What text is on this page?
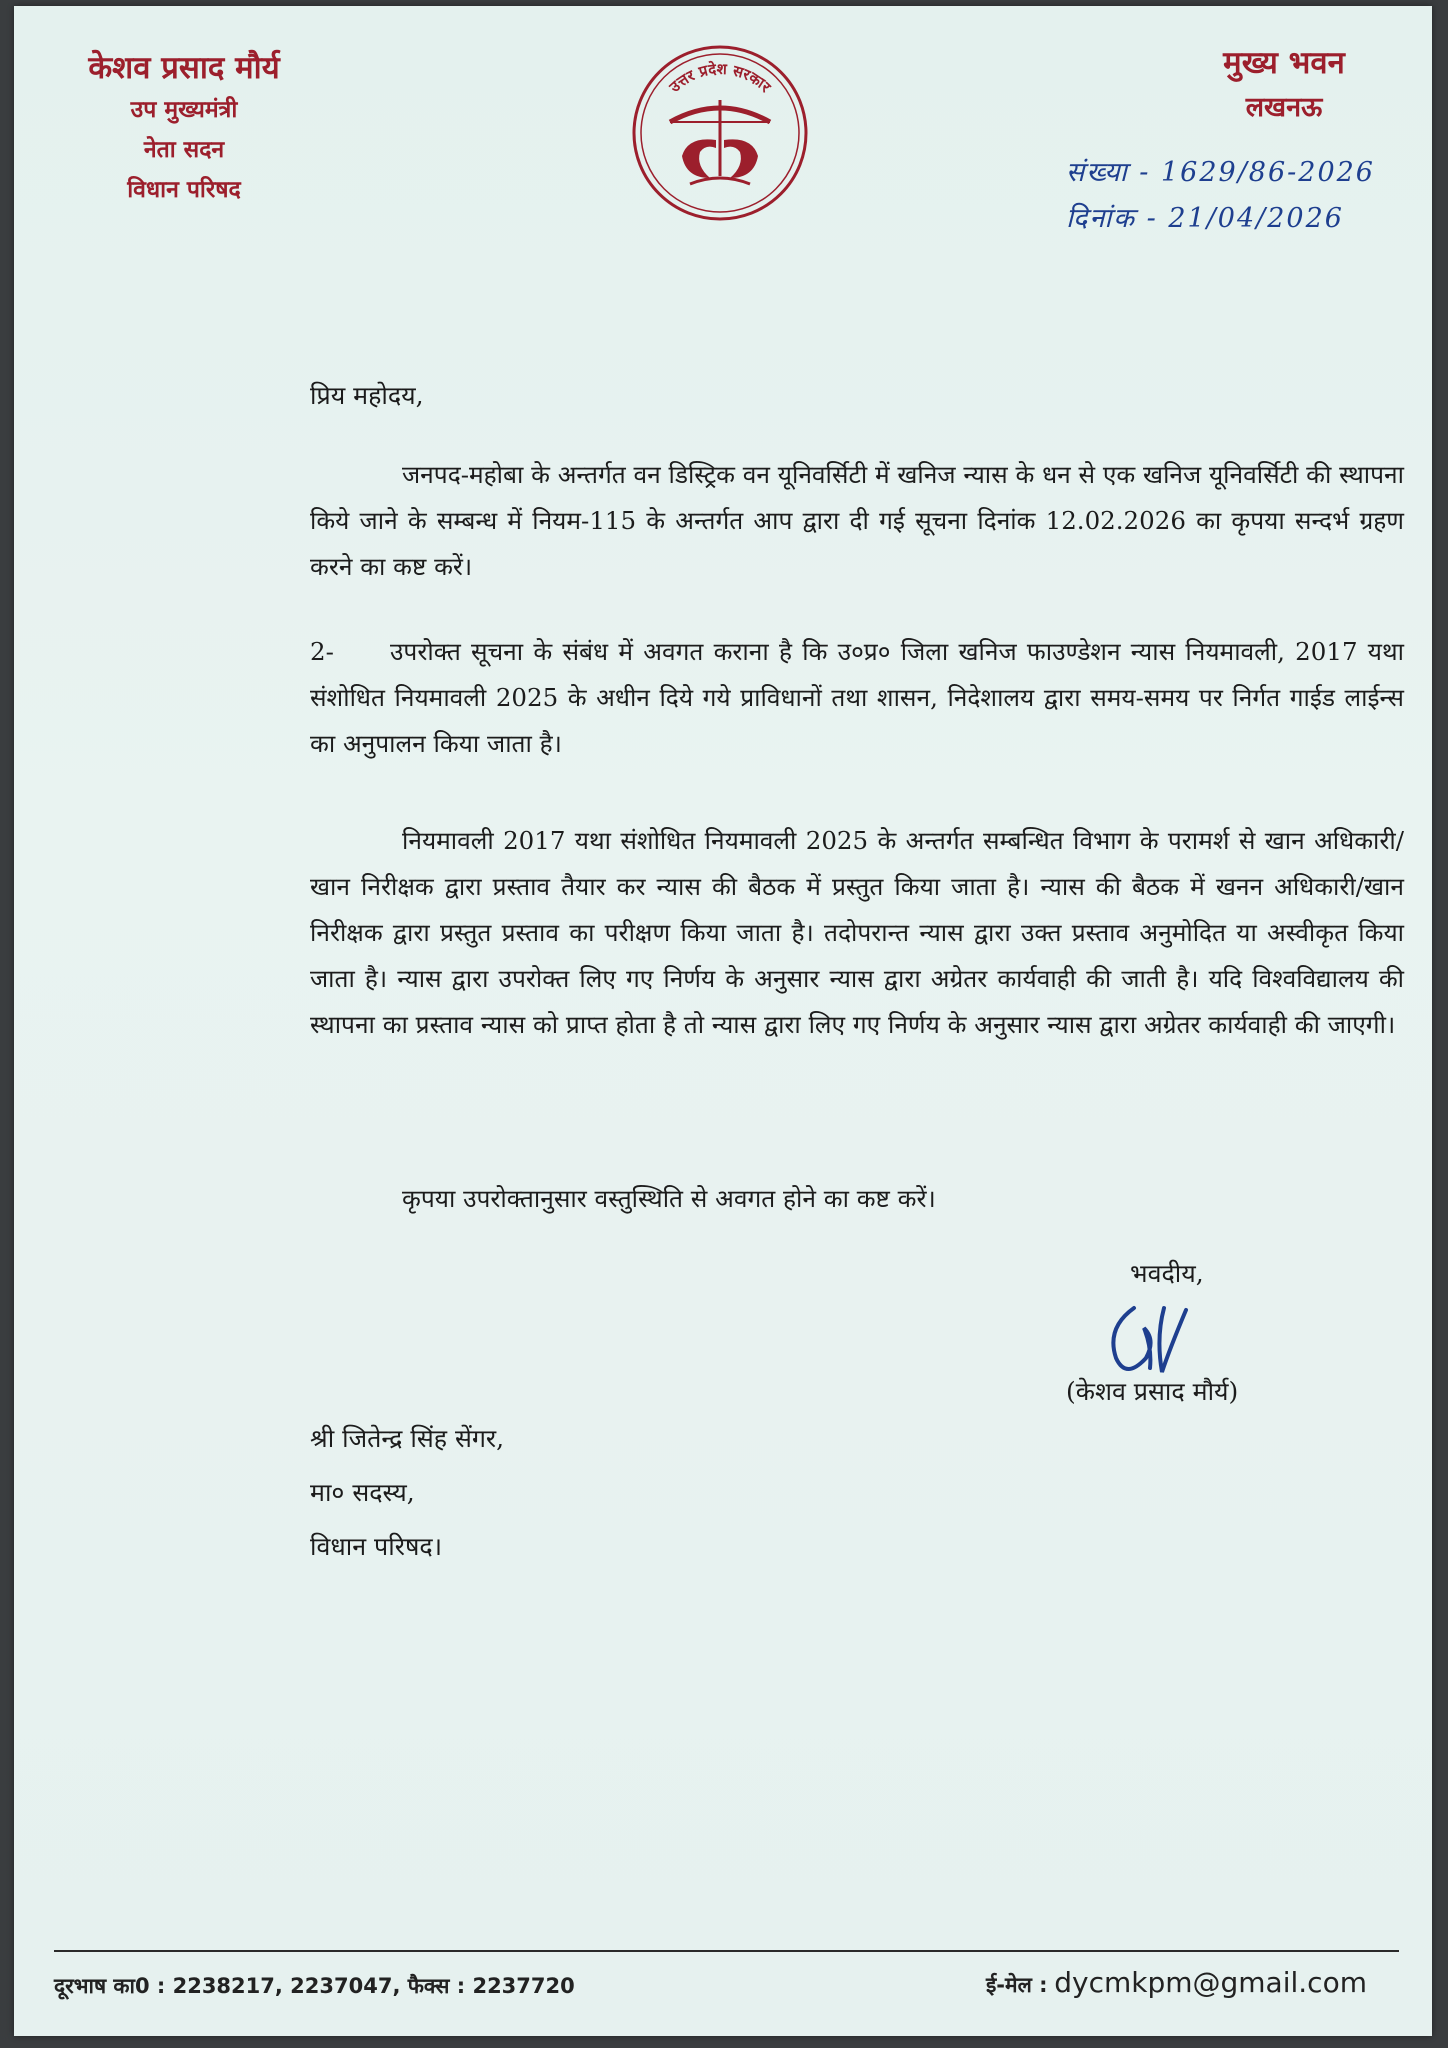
केशव प्रसाद मौर्य
उप मुख्यमंत्री
नेता सदन
विधान परिषद
उत्तर प्रदेश सरकार
मुख्य भवन
लखनऊ
संख्या - 1629/86-2026
दिनांक - 21/04/2026
प्रिय महोदय,
जनपद-महोबा के अन्तर्गत वन डिस्ट्रिक वन यूनिवर्सिटी में खनिज न्यास के धन से एक खनिज यूनिवर्सिटी की स्थापना किये जाने के सम्बन्ध में नियम-115 के अन्तर्गत आप द्वारा दी गई सूचना दिनांक 12.02.2026 का कृपया सन्दर्भ ग्रहण करने का कष्ट करें।
2- उपरोक्त सूचना के संबंध में अवगत कराना है कि उ०प्र० जिला खनिज फाउण्डेशन न्यास नियमावली, 2017 यथा संशोधित नियमावली 2025 के अधीन दिये गये प्राविधानों तथा शासन, निदेशालय द्वारा समय-समय पर निर्गत गाईड लाईन्स का अनुपालन किया जाता है।
नियमावली 2017 यथा संशोधित नियमावली 2025 के अन्तर्गत सम्बन्धित विभाग के परामर्श से खान अधिकारी/खान निरीक्षक द्वारा प्रस्ताव तैयार कर न्यास की बैठक में प्रस्तुत किया जाता है। न्यास की बैठक में खनन अधिकारी/खान निरीक्षक द्वारा प्रस्तुत प्रस्ताव का परीक्षण किया जाता है। तदोपरान्त न्यास द्वारा उक्त प्रस्ताव अनुमोदित या अस्वीकृत किया जाता है। न्यास द्वारा उपरोक्त लिए गए निर्णय के अनुसार न्यास द्वारा अग्रेतर कार्यवाही की जाती है। यदि विश्वविद्यालय की स्थापना का प्रस्ताव न्यास को प्राप्त होता है तो न्यास द्वारा लिए गए निर्णय के अनुसार न्यास द्वारा अग्रेतर कार्यवाही की जाएगी।
कृपया उपरोक्तानुसार वस्तुस्थिति से अवगत होने का कष्ट करें।
भवदीय,
(केशव प्रसाद मौर्य)
श्री जितेन्द्र सिंह सेंगर,
मा० सदस्य,
विधान परिषद।
दूरभाष का0 : 2238217, 2237047, फैक्स : 2237720	ई-मेल : dycmkpm@gmail.com
